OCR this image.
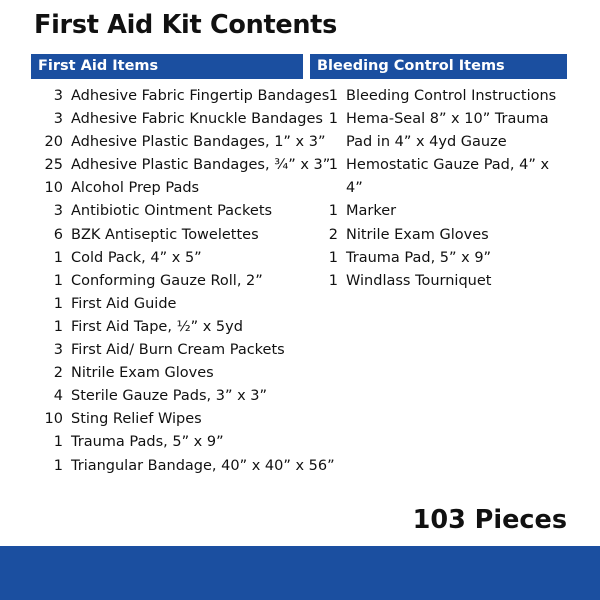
First Aid Kit Contents
First Aid Items
3 Adhesive Fabric Fingertip Bandages
3 Adhesive Fabric Knuckle Bandages
20 Adhesive Plastic Bandages, 1” x 3”
25 Adhesive Plastic Bandages, ¾” x 3”
10 Alcohol Prep Pads
3 Antibiotic Ointment Packets
6 BZK Antiseptic Towelettes
1 Cold Pack, 4” x 5”
1 Conforming Gauze Roll, 2”
1 First Aid Guide
1 First Aid Tape, ½” x 5yd
3 First Aid/ Burn Cream Packets
2 Nitrile Exam Gloves
4 Sterile Gauze Pads, 3” x 3”
10 Sting Relief Wipes
1 Trauma Pads, 5” x 9”
1 Triangular Bandage, 40” x 40” x 56”
Bleeding Control Items
1 Bleeding Control Instructions
1 Hema-Seal 8” x 10” Trauma Pad in 4” x 4yd Gauze
1 Hemostatic Gauze Pad, 4” x 4”
1 Marker
2 Nitrile Exam Gloves
1 Trauma Pad, 5” x 9”
1 Windlass Tourniquet
103 Pieces
